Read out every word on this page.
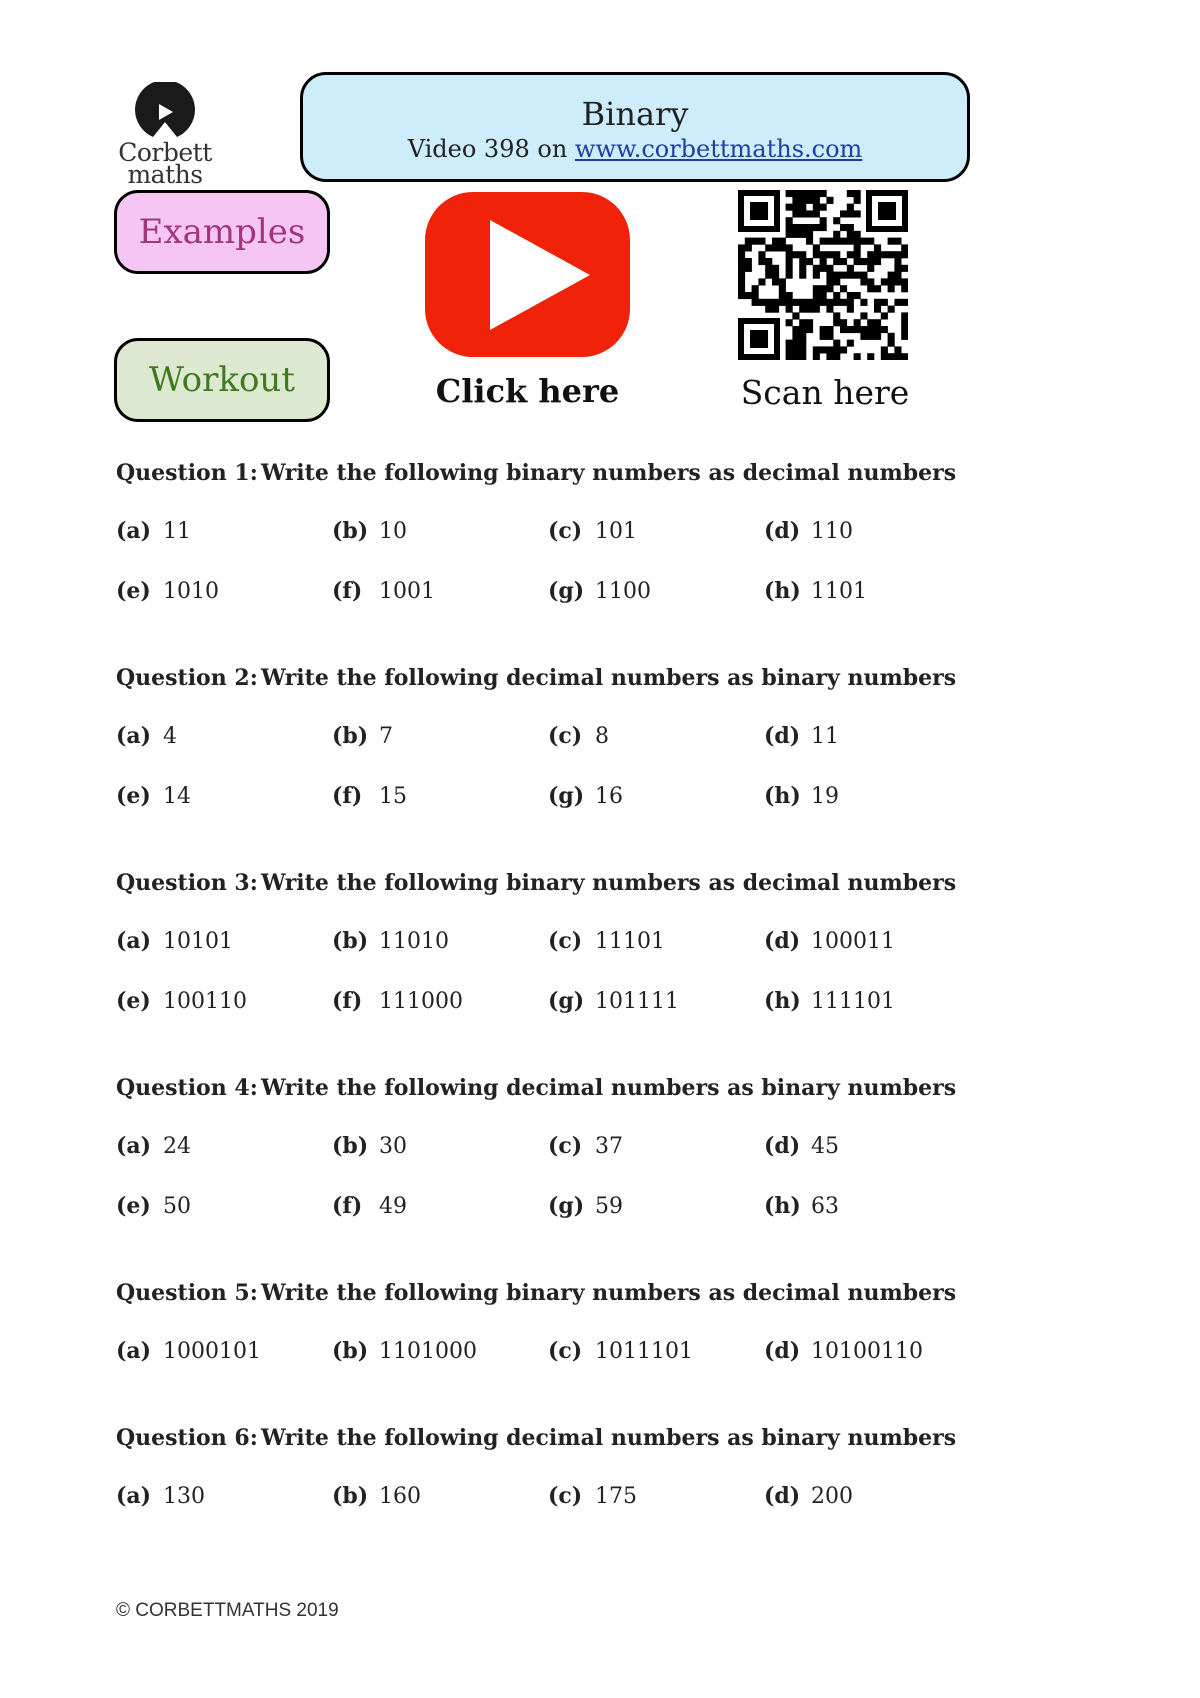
Corbett
maths
Binary
Video 398 on www.corbettmaths.com
Examples
Workout	Click here	Scan here
Question 1: Write the following binary numbers as decimal numbers
(a) 11	(b) 10	(c) 101	(d) 110
(e) 1010	(f) 1001	(g) 1100	(h) 1101
Question 2: Write the following decimal numbers as binary numbers
(a) 4	(b) 7	(c) 8	(d) 11
(e) 14	(f) 15	(g) 16	(h) 19
Question 3: Write the following binary numbers as decimal numbers
(a) 10101	(b) 11010	(c) 11101	(d) 100011
(e) 100110	(f) 111000	(g) 101111	(h) 111101
Question 4: Write the following decimal numbers as binary numbers
(a) 24	(b) 30	(c) 37	(d) 45
(e) 50	(f) 49	(g) 59	(h) 63
Question 5: Write the following binary numbers as decimal numbers
(a) 1000101	(b) 1101000	(c) 1011101	(d) 10100110
Question 6: Write the following decimal numbers as binary numbers
(a) 130	(b) 160	(c) 175	(d) 200
© CORBETTMATHS 2019
